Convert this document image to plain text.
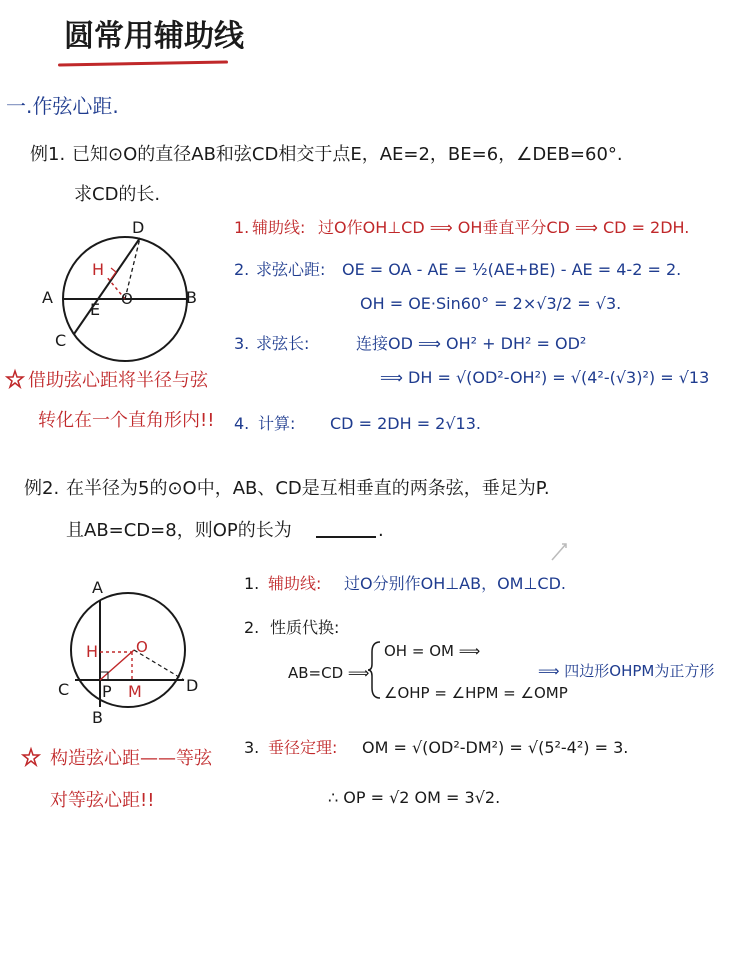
圆常用辅助线
一.作弦心距.
例1. 已知⊙O的直径AB和弦CD相交于点E，AE=2，BE=6，∠DEB=60°.
求CD的长.
D
H
A
E
O	B
C
1. 辅助线: 过O作OH⊥CD ⟹ OH垂直平分CD ⟹ CD = 2DH.
2. 求弦心距: OE = OA - AE = ½(AE+BE) - AE = 4-2 = 2.
OH = OE·Sin60° = 2×√3/2 = √3.
3. 求弦长:	连接OD ⟹ OH² + DH² = OD²
⟹ DH = √(OD²-OH²) = √(4²-(√3)²) = √13
4. 计算: CD = 2DH = 2√13.
借助弦心距将半径与弦
转化在一个直角形内!!
例2. 在半径为5的⊙O中，AB、CD是互相垂直的两条弦，垂足为P.
且AB=CD=8，则OP的长为	.
A
H	O
C P M	D
B
1. 辅助线: 过O分别作OH⊥AB，OM⊥CD.
2. 性质代换:
AB=CD ⟹
OH = OM ⟹
∠OHP = ∠HPM = ∠OMP
⟹ 四边形OHPM为正方形
3. 垂径定理: OM = √(OD²-DM²) = √(5²-4²) = 3.
∴ OP = √2 OM = 3√2.
构造弦心距——等弦
对等弦心距!!
